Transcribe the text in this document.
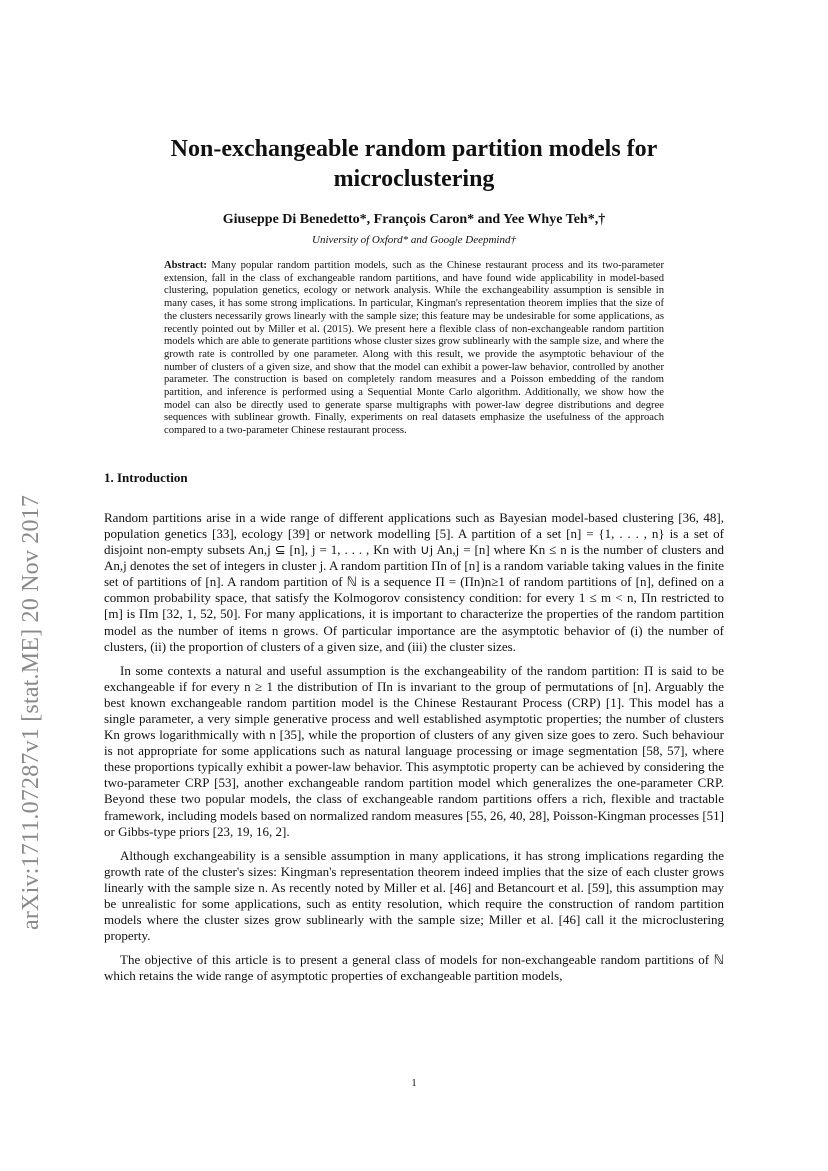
arXiv:1711.07287v1 [stat.ME] 20 Nov 2017
Non-exchangeable random partition models for microclustering

Giuseppe Di Benedetto*, François Caron* and Yee Whye Teh*,†

University of Oxford* and Google Deepmind†

Abstract: Many popular random partition models, such as the Chinese restaurant process and its two-parameter extension, fall in the class of exchangeable random partitions, and have found wide applicability in model-based clustering, population genetics, ecology or network analysis. While the exchangeability assumption is sensible in many cases, it has some strong implications. In particular, Kingman's representation theorem implies that the size of the clusters necessarily grows linearly with the sample size; this feature may be undesirable for some applications, as recently pointed out by Miller et al. (2015). We present here a flexible class of non-exchangeable random partition models which are able to generate partitions whose cluster sizes grow sublinearly with the sample size, and where the growth rate is controlled by one parameter. Along with this result, we provide the asymptotic behaviour of the number of clusters of a given size, and show that the model can exhibit a power-law behavior, controlled by another parameter. The construction is based on completely random measures and a Poisson embedding of the random partition, and inference is performed using a Sequential Monte Carlo algorithm. Additionally, we show how the model can also be directly used to generate sparse multigraphs with power-law degree distributions and degree sequences with sublinear growth. Finally, experiments on real datasets emphasize the usefulness of the approach compared to a two-parameter Chinese restaurant process.
1. Introduction

Random partitions arise in a wide range of different applications such as Bayesian model-based clustering [36, 48], population genetics [33], ecology [39] or network modelling [5]. A partition of a set [n] = {1, . . . , n} is a set of disjoint non-empty subsets An,j ⊆ [n], j = 1, . . . , Kn with ∪j An,j = [n] where Kn ≤ n is the number of clusters and An,j denotes the set of integers in cluster j. A random partition Πn of [n] is a random variable taking values in the finite set of partitions of [n]. A random partition of ℕ is a sequence Π = (Πn)n≥1 of random partitions of [n], defined on a common probability space, that satisfy the Kolmogorov consistency condition: for every 1 ≤ m < n, Πn restricted to [m] is Πm [32, 1, 52, 50]. For many applications, it is important to characterize the properties of the random partition model as the number of items n grows. Of particular importance are the asymptotic behavior of (i) the number of clusters, (ii) the proportion of clusters of a given size, and (iii) the cluster sizes.

In some contexts a natural and useful assumption is the exchangeability of the random partition: Π is said to be exchangeable if for every n ≥ 1 the distribution of Πn is invariant to the group of permutations of [n]. Arguably the best known exchangeable random partition model is the Chinese Restaurant Process (CRP) [1]. This model has a single parameter, a very simple generative process and well established asymptotic properties; the number of clusters Kn grows logarithmically with n [35], while the proportion of clusters of any given size goes to zero. Such behaviour is not appropriate for some applications such as natural language processing or image segmentation [58, 57], where these proportions typically exhibit a power-law behavior. This asymptotic property can be achieved by considering the two-parameter CRP [53], another exchangeable random partition model which generalizes the one-parameter CRP. Beyond these two popular models, the class of exchangeable random partitions offers a rich, flexible and tractable framework, including models based on normalized random measures [55, 26, 40, 28], Poisson-Kingman processes [51] or Gibbs-type priors [23, 19, 16, 2].

Although exchangeability is a sensible assumption in many applications, it has strong implications regarding the growth rate of the cluster's sizes: Kingman's representation theorem indeed implies that the size of each cluster grows linearly with the sample size n. As recently noted by Miller et al. [46] and Betancourt et al. [59], this assumption may be unrealistic for some applications, such as entity resolution, which require the construction of random partition models where the cluster sizes grow sublinearly with the sample size; Miller et al. [46] call it the microclustering property.

The objective of this article is to present a general class of models for non-exchangeable random partitions of ℕ which retains the wide range of asymptotic properties of exchangeable partition models,

1
